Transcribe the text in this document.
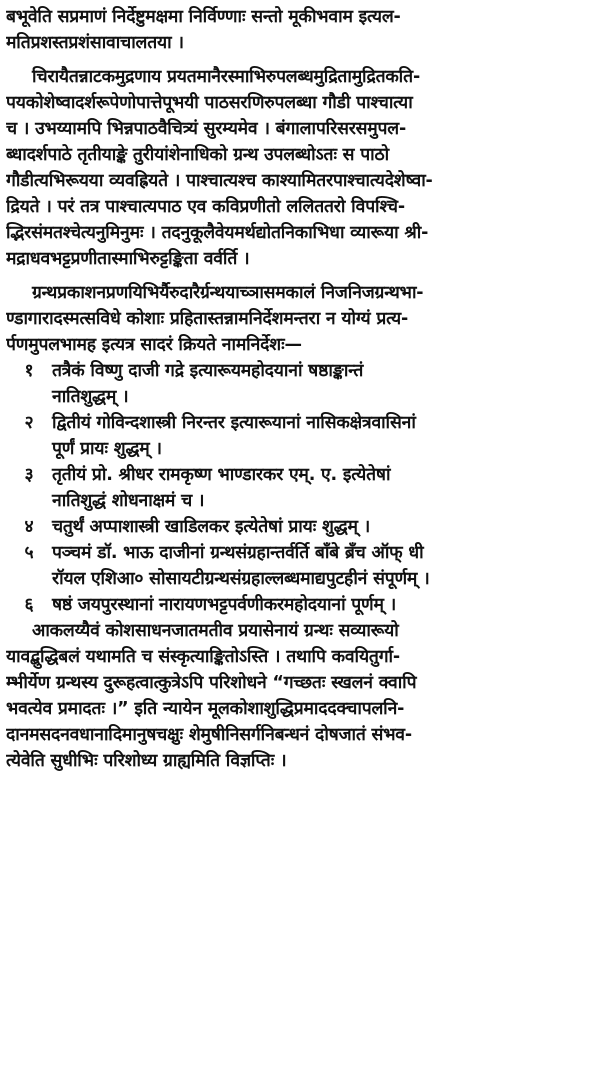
बभूवेति सप्रमाणं निर्देष्टुमक्षमा निर्विण्णाः सन्तो मूकीभवाम इत्यल-
मतिप्रशस्तप्रशंसावाचालतया ।
चिरायैतन्नाटकमुद्रणाय प्रयतमानैरस्माभिरुपलब्धमुद्रितामुद्रितकति-
पयकोशेष्वादर्शरूपेणोपात्तेपूभयी पाठसरणिरुपलब्धा गौडी पाश्चात्या
च । उभय्यामपि भिन्नपाठवैचित्र्यं सुरम्यमेव । बंगालापरिसरसमुपल-
ब्धादर्शपाठे तृतीयाङ्के तुरीयांशेनाधिको ग्रन्थ उपलब्धोऽतः स पाठो
गौडीत्यभिरूयया व्यवह्रियते । पाश्चात्यश्च काश्यामितरपाश्चात्यदेशेष्वा-
द्रियते । परं तत्र पाश्चात्यपाठ एव कविप्रणीतो ललिततरो विपश्चि-
द्भिरसंमतश्चेत्यनुमिनुमः । तदनुकूलैवेयमर्थद्योतनिकाभिधा व्यारूया श्री-
मद्राधवभट्टप्रणीतास्माभिरुट्टङ्किता वर्वर्ति ।
ग्रन्थप्रकाशनप्रणयिभिर्यैरुदारैर्ग्रन्थयाच्ञासमकालं निजनिजग्रन्थभा-
ण्डागारादस्मत्सविधे कोशाः प्रहितास्तन्नामनिर्देशमन्तरा न योग्यं प्रत्य-
र्पणमुपलभामह इत्यत्र सादरं क्रियते नामनिर्देशः—
१	तत्रैकं विष्णु दाजी गद्रे इत्यारूयमहोदयानां षष्ठाङ्कान्तं
नातिशुद्धम् ।
२	द्वितीयं गोविन्दशास्त्री निरन्तर इत्यारूयानां नासिकक्षेत्रवासिनां
पूर्णं प्रायः शुद्धम् ।
३	तृतीयं प्रो. श्रीधर रामकृष्ण भाण्डारकर एम्. ए. इत्येतेषां
नातिशुद्धं शोधनाक्षमं च ।
४	चतुर्थं अप्पाशास्त्री खाडिलकर इत्येतेषां प्रायः शुद्धम् ।
५	पञ्चमं डॉ. भाऊ दाजीनां ग्रन्थसंग्रहान्तर्वर्ति बाँबे ब्रँच ऑफ् धी
रॉयल एशिआ० सोसायटीग्रन्थसंग्रहाल्लब्धमाद्यपुटहीनं संपूर्णम् ।
६	षष्ठं जयपुरस्थानां नारायणभट्टपर्वणीकरमहोदयानां पूर्णम् ।
आकलय्यैवं कोशसाधनजातमतीव प्रयासेनायं ग्रन्थः सव्यारूयो
यावद्बुद्धिबलं यथामति च संस्कृत्याङ्कितोऽस्ति । तथापि कवयितुर्गा-
म्भीर्येण ग्रन्थस्य दुरूहत्वात्कुत्रेऽपि परिशोधने “गच्छतः स्खलनं क्वापि
भवत्येव प्रमादतः ।” इति न्यायेन मूलकोशाशुद्धिप्रमाददक्चापलनि-
दानमसदनवधानादिमानुषचक्षुः शेमुषीनिसर्गनिबन्धनं दोषजातं संभव-
त्येवेति सुधीभिः परिशोध्य ग्राह्यमिति विज्ञप्तिः ।
